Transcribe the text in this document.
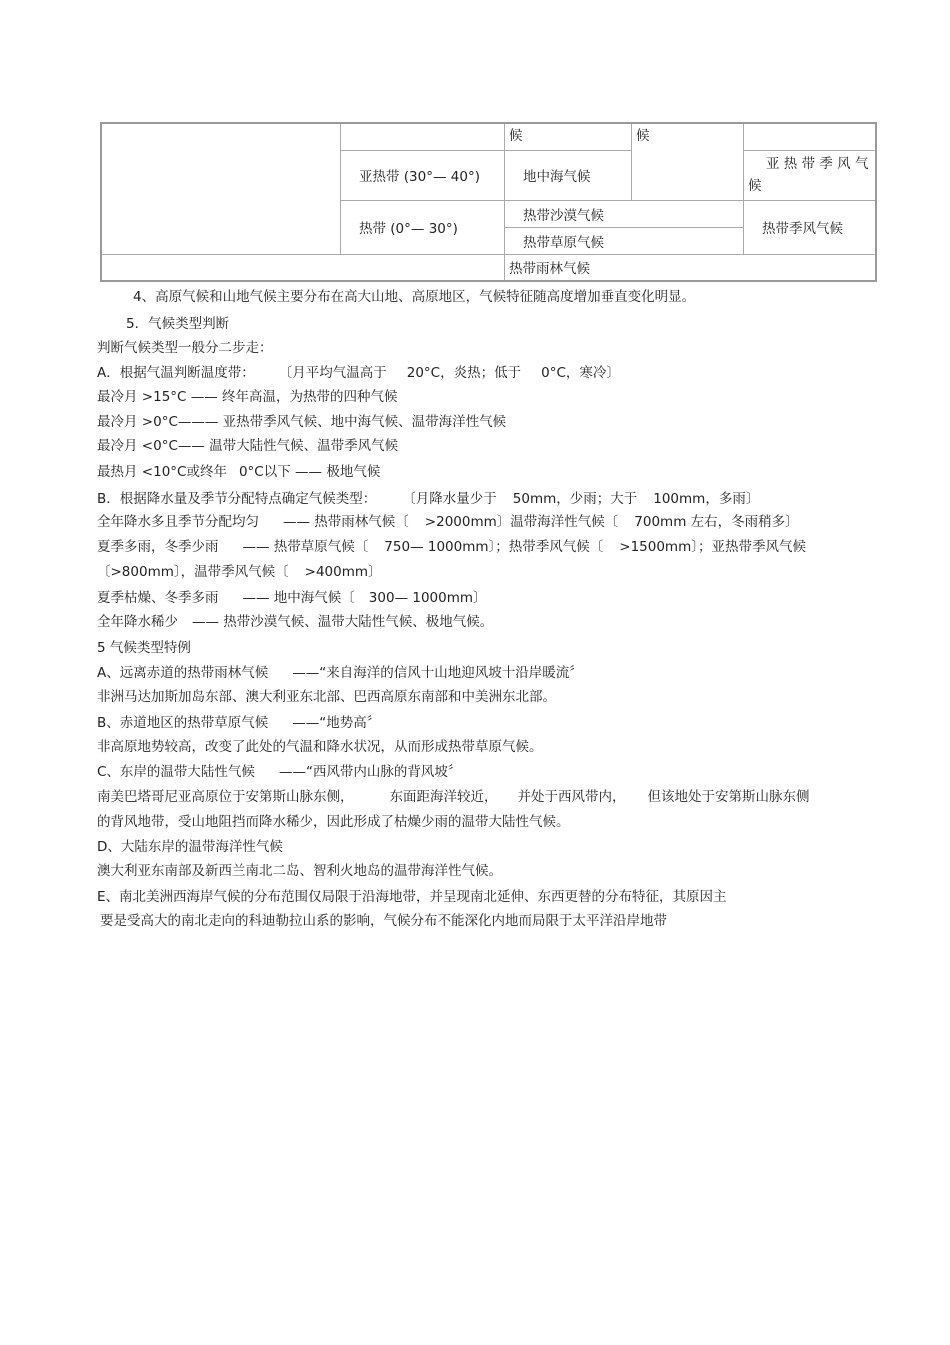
		候	候	
	亚热带 (30°— 40°)	地中海气候		亚 热 带 季 风 气
候

	热带 (0°— 30°)	热带沙漠气候		热带季风气候
		热带草原气候		
		热带雨林气候		
4、高原气候和山地气候主要分布在高大山地、高原地区，气候特征随高度增加垂直变化明显。
5．气候类型判断
判断气候类型一般分二步走：
A．根据气温判断温度带： 〔月平均气温高于 20°C，炎热；低于 0°C，寒冷〕
最冷月 >15°C —— 终年高温，为热带的四种气候
最冷月 >0°C——— 亚热带季风气候、地中海气候、温带海洋性气候
最冷月 <0°C—— 温带大陆性气候、温带季风气候
最热月 <10°C或终年 0°C以下 —— 极地气候
B．根据降水量及季节分配特点确定气候类型： 〔月降水量少于 50mm，少雨；大于 100mm，多雨〕
全年降水多且季节分配均匀 —— 热带雨林气候〔 >2000mm〕温带海洋性气候〔 700mm 左右，冬雨稍多〕
夏季多雨，冬季少雨 —— 热带草原气候〔 750— 1000mm〕；热带季风气候〔 >1500mm〕；亚热带季风气候
〔>800mm〕，温带季风气候〔 >400mm〕
夏季枯燥、冬季多雨 —— 地中海气候〔 300— 1000mm〕
全年降水稀少 —— 热带沙漠气候、温带大陆性气候、极地气候。
5 气候类型特例
A、远离赤道的热带雨林气候 ——“来自海洋的信风十山地迎风坡十沿岸暖流〞
非洲马达加斯加岛东部、澳大利亚东北部、巴西高原东南部和中美洲东北部。
B、赤道地区的热带草原气候 ——“地势高〞
非高原地势较高，改变了此处的气温和降水状况，从而形成热带草原气候。
C、东岸的温带大陆性气候 ——“西风带内山脉的背风坡〞
南美巴塔哥尼亚高原位于安第斯山脉东侧，	东面距海洋较近， 并处于西风带内， 但该地处于安第斯山脉东侧
的背风地带，受山地阻挡而降水稀少，因此形成了枯燥少雨的温带大陆性气候。
D、大陆东岸的温带海洋性气候
澳大利亚东南部及新西兰南北二岛、智利火地岛的温带海洋性气候。
E、南北美洲西海岸气候的分布范围仅局限于沿海地带，并呈现南北延伸、东西更替的分布特征，其原因主
要是受高大的南北走向的科迪勒拉山系的影响，气候分布不能深化内地而局限于太平洋沿岸地带
